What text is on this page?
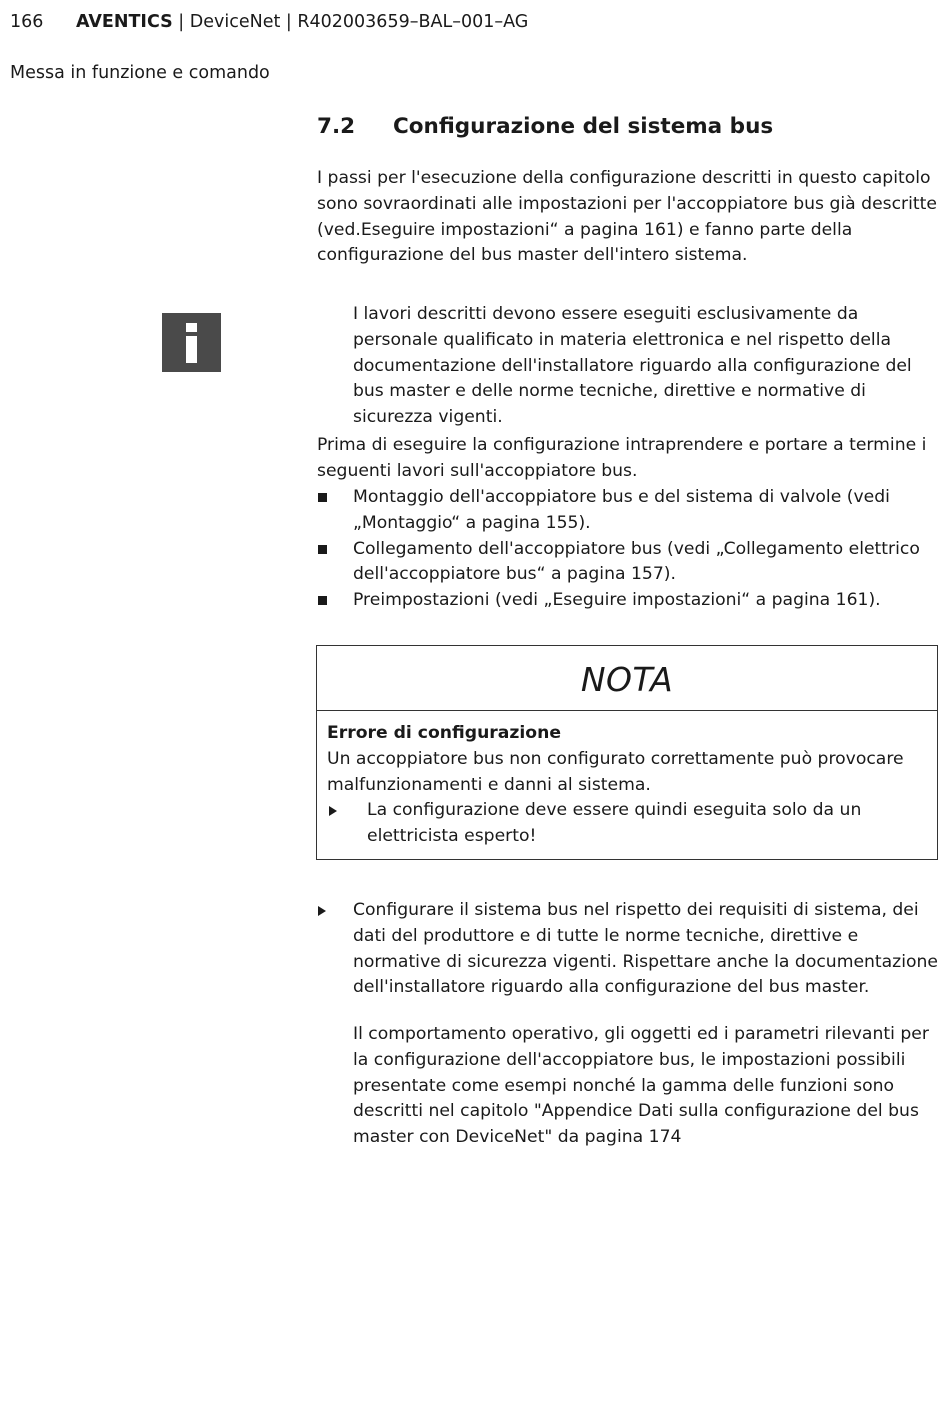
166 AVENTICS | DeviceNet | R402003659–BAL–001–AG
Messa in funzione e comando
7.2 Configurazione del sistema bus
I passi per l'esecuzione della configurazione descritti in questo capitolo sono sovraordinati alle impostazioni per l'accoppiatore bus già descritte (ved.Eseguire impostazioni“ a pagina 161) e fanno parte della configurazione del bus master dell'intero sistema.
I lavori descritti devono essere eseguiti esclusivamente da personale qualificato in materia elettronica e nel rispetto della documentazione dell'installatore riguardo alla configurazione del bus master e delle norme tecniche, direttive e normative di sicurezza vigenti.
Prima di eseguire la configurazione intraprendere e portare a termine i seguenti lavori sull'accoppiatore bus.
Montaggio dell'accoppiatore bus e del sistema di valvole (vedi „Montaggio“ a pagina 155).
Collegamento dell'accoppiatore bus (vedi „Collegamento elettrico dell'accoppiatore bus“ a pagina 157).
Preimpostazioni (vedi „Eseguire impostazioni“ a pagina 161).
NOTA
Errore di configurazione
Un accoppiatore bus non configurato correttamente può provocare malfunzionamenti e danni al sistema.
La configurazione deve essere quindi eseguita solo da un elettricista esperto!
Configurare il sistema bus nel rispetto dei requisiti di sistema, dei dati del produttore e di tutte le norme tecniche, direttive e normative di sicurezza vigenti. Rispettare anche la documentazione dell'installatore riguardo alla configurazione del bus master.
Il comportamento operativo, gli oggetti ed i parametri rilevanti per la configurazione dell'accoppiatore bus, le impostazioni possibili presentate come esempi nonché la gamma delle funzioni sono descritti nel capitolo "Appendice Dati sulla configurazione del bus master con DeviceNet" da pagina 174
